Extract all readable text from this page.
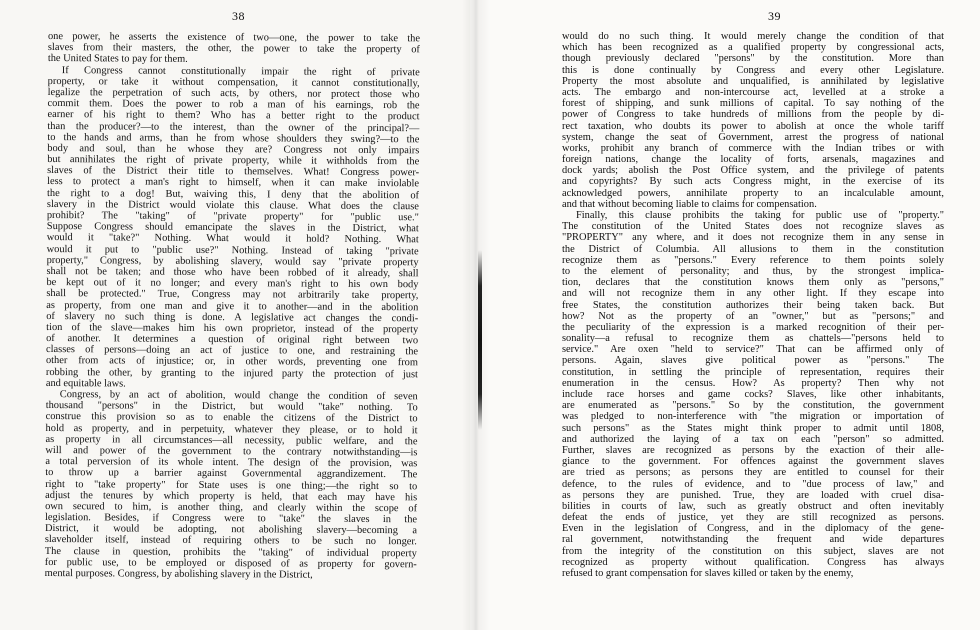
38
one power, he asserts the existence of two—one, the power to take the
slaves from their masters, the other, the power to take the property of
the United States to pay for them.
If Congress cannot constitutionally impair the right of private
property, or take it without compensation, it cannot constitutionally,
legalize the perpetration of such acts, by others, nor protect those who
commit them. Does the power to rob a man of his earnings, rob the
earner of his right to them? Who has a better right to the product
than the producer?—to the interest, than the owner of the principal?—
to the hands and arms, than he from whose shoulders they swing?—to the
body and soul, than he whose they are? Congress not only impairs
but annihilates the right of private property, while it withholds from the
slaves of the District their title to themselves. What! Congress power-
less to protect a man's right to himself, when it can make inviolable
the right to a dog! But, waiving this, I deny that the abolition of
slavery in the District would violate this clause. What does the clause
prohibit? The "taking" of "private property" for "public use."
Suppose Congress should emancipate the slaves in the District, what
would it "take?" Nothing. What would it hold? Nothing. What
would it put to "public use?" Nothing. Instead of taking "private
property," Congress, by abolishing slavery, would say "private property
shall not be taken; and those who have been robbed of it already, shall
be kept out of it no longer; and every man's right to his own body
shall be protected." True, Congress may not arbitrarily take property,
as property, from one man and give it to another—and in the abolition
of slavery no such thing is done. A legislative act changes the condi-
tion of the slave—makes him his own proprietor, instead of the property
of another. It determines a question of original right between two
classes of persons—doing an act of justice to one, and restraining the
other from acts of injustice; or, in other words, preventing one from
robbing the other, by granting to the injured party the protection of just
and equitable laws.
Congress, by an act of abolition, would change the condition of seven
thousand "persons" in the District, but would "take" nothing. To
construe this provision so as to enable the citizens of the District to
hold as property, and in perpetuity, whatever they please, or to hold it
as property in all circumstances—all necessity, public welfare, and the
will and power of the government to the contrary notwithstanding—is
a total perversion of its whole intent. The design of the provision, was
to throw up a barrier against Governmental aggrandizement. The
right to "take property" for State uses is one thing;—the right so to
adjust the tenures by which property is held, that each may have his
own secured to him, is another thing, and clearly within the scope of
legislation. Besides, if Congress were to "take" the slaves in the
District, it would be adopting, not abolishing slavery—becoming a
slaveholder itself, instead of requiring others to be such no longer.
The clause in question, prohibits the "taking" of individual property
for public use, to be employed or disposed of as property for govern-
mental purposes. Congress, by abolishing slavery in the District,
39
would do no such thing. It would merely change the condition of that
which has been recognized as a qualified property by congressional acts,
though previously declared "persons" by the constitution. More than
this is done continually by Congress and every other Legislature.
Property the most absolute and unqualified, is annihilated by legislative
acts. The embargo and non-intercourse act, levelled at a stroke a
forest of shipping, and sunk millions of capital. To say nothing of the
power of Congress to take hundreds of millions from the people by di-
rect taxation, who doubts its power to abolish at once the whole tariff
system, change the seat of Government, arrest the progress of national
works, prohibit any branch of commerce with the Indian tribes or with
foreign nations, change the locality of forts, arsenals, magazines and
dock yards; abolish the Post Office system, and the privilege of patents
and copyrights? By such acts Congress might, in the exercise of its
acknowledged powers, annihilate property to an incalculable amount,
and that without becoming liable to claims for compensation.
Finally, this clause prohibits the taking for public use of "property."
The constitution of the United States does not recognize slaves as
"PROPERTY" any where, and it does not recognize them in any sense in
the District of Columbia. All allusions to them in the constitution
recognize them as "persons." Every reference to them points solely
to the element of personality; and thus, by the strongest implica-
tion, declares that the constitution knows them only as "persons,"
and will not recognize them in any other light. If they escape into
free States, the constitution authorizes their being taken back. But
how? Not as the property of an "owner," but as "persons;" and
the peculiarity of the expression is a marked recognition of their per-
sonality—a refusal to recognize them as chattels—"persons held to
service." Are oxen "held to service?" That can be affirmed only of
persons. Again, slaves give political power as "persons." The
constitution, in settling the principle of representation, requires their
enumeration in the census. How? As property? Then why not
include race horses and game cocks? Slaves, like other inhabitants,
are enumerated as "persons." So by the constitution, the government
was pledged to non-interference with "the migration or importation of
such persons" as the States might think proper to admit until 1808,
and authorized the laying of a tax on each "person" so admitted.
Further, slaves are recognized as persons by the exaction of their alle-
giance to the government. For offences against the government slaves
are tried as persons; as persons they are entitled to counsel for their
defence, to the rules of evidence, and to "due process of law," and
as persons they are punished. True, they are loaded with cruel disa-
bilities in courts of law, such as greatly obstruct and often inevitably
defeat the ends of justice, yet they are still recognized as persons.
Even in the legislation of Congress, and in the diplomacy of the gene-
ral government, notwithstanding the frequent and wide departures
from the integrity of the constitution on this subject, slaves are not
recognized as property without qualification. Congress has always
refused to grant compensation for slaves killed or taken by the enemy,
